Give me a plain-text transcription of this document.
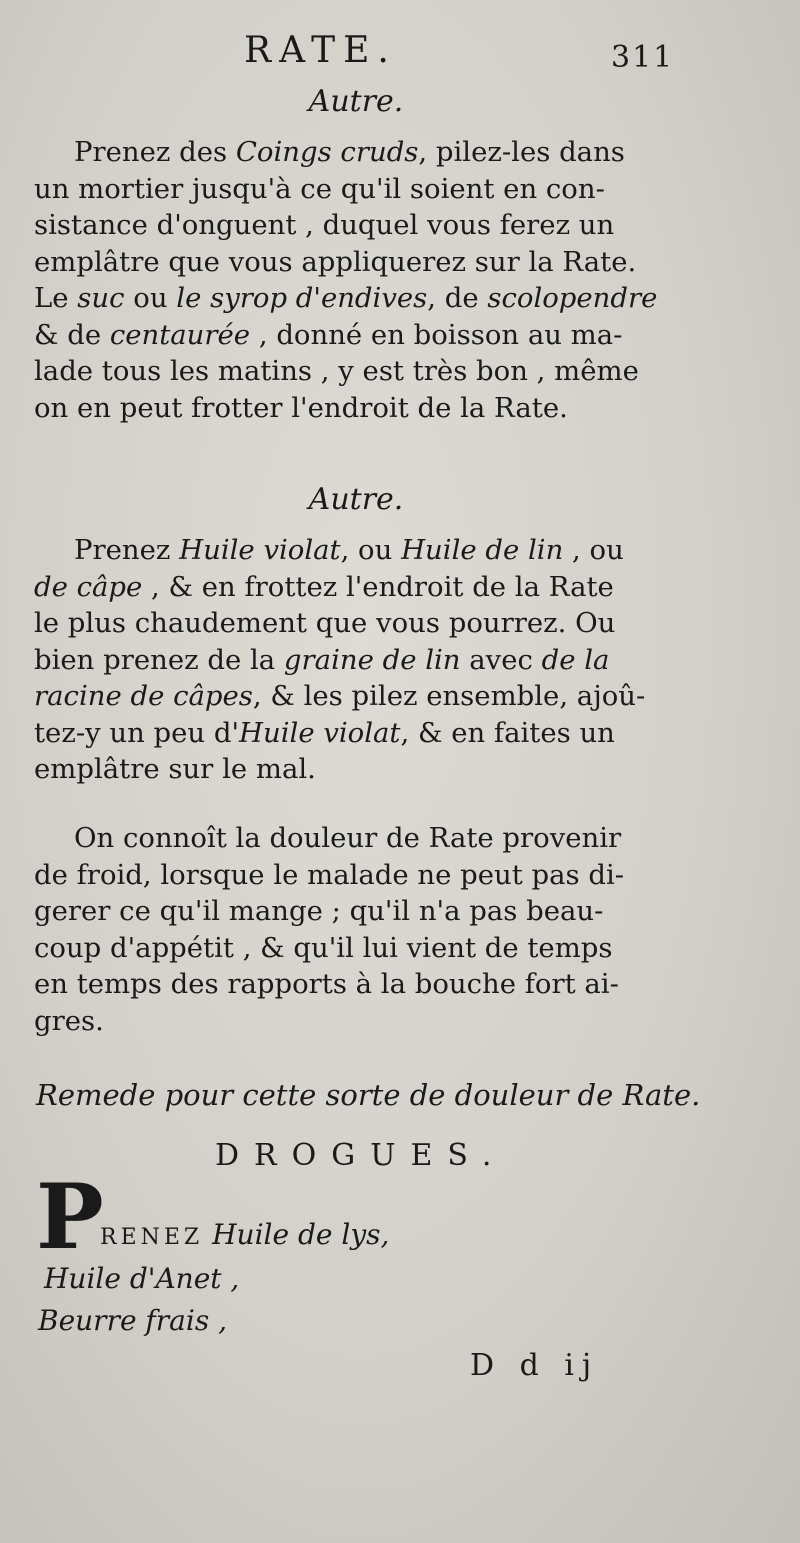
RATE.	311
Autre.

Prenez des Coings cruds, pilez-les dans
un mortier jusqu'à ce qu'il soient en con-
sistance d'onguent , duquel vous ferez un
emplâtre que vous appliquerez sur la Rate.
Le suc ou le syrop d'endives, de scolopendre
& de centaurée , donné en boisson au ma-
lade tous les matins , y est très bon , même
on en peut frotter l'endroit de la Rate.

Autre.

Prenez Huile violat, ou Huile de lin , ou
de câpe , & en frottez l'endroit de la Rate
le plus chaudement que vous pourrez. Ou
bien prenez de la graine de lin avec de la
racine de câpes, & les pilez ensemble, ajoû-
tez-y un peu d'Huile violat, & en faites un
emplâtre sur le mal.

On connoît la douleur de Rate provenir
de froid, lorsque le malade ne peut pas di-
gerer ce qu'il mange ; qu'il n'a pas beau-
coup d'appétit , & qu'il lui vient de temps
en temps des rapports à la bouche fort ai-
gres.

Remede pour cette sorte de douleur de Rate.
DROGUES.
P
RENEZ Huile de lys,
Huile d'Anet ,
Beurre frais ,
D d ij
